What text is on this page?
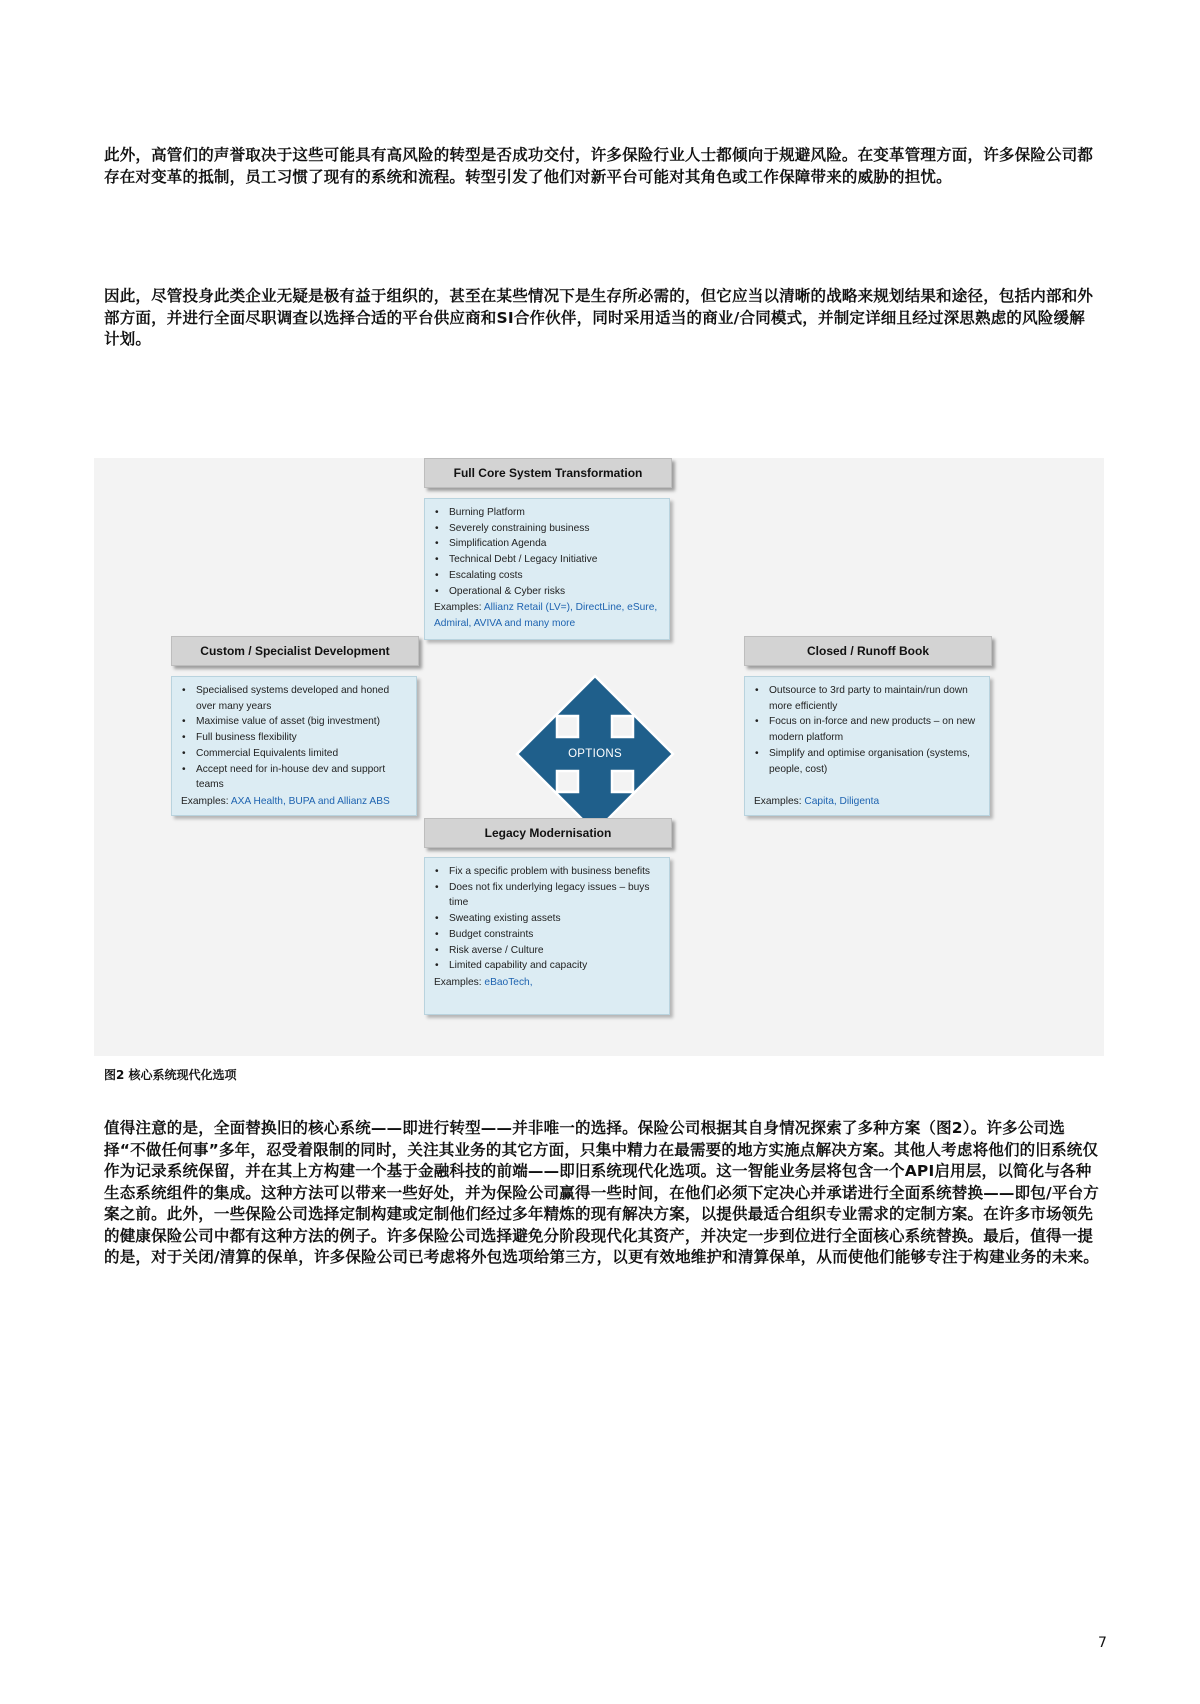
此外，高管们的声誉取决于这些可能具有高风险的转型是否成功交付，许多保险行业人士都倾向于规避风险。在变革管理方面，许多保险公司都存在对变革的抵制，员工习惯了现有的系统和流程。转型引发了他们对新平台可能对其角色或工作保障带来的威胁的担忧。

因此，尽管投身此类企业无疑是极有益于组织的，甚至在某些情况下是生存所必需的，但它应当以清晰的战略来规划结果和途径，包括内部和外部方面，并进行全面尽职调查以选择合适的平台供应商和SI合作伙伴，同时采用适当的商业/合同模式，并制定详细且经过深思熟虑的风险缓解计划。

Full Core System Transformation
• Burning Platform
• Severely constraining business
• Simplification Agenda
• Technical Debt / Legacy Initiative
• Escalating costs
• Operational & Cyber risks
Examples: Allianz Retail (LV=), DirectLine, eSure, Admiral, AVIVA and many more
Custom / Specialist Development
• Specialised systems developed and honed over many years
• Maximise value of asset (big investment)
• Full business flexibility
• Commercial Equivalents limited
• Accept need for in-house dev and support teams
Examples: AXA Health, BUPA and Allianz ABS
Closed / Runoff Book
• Outsource to 3rd party to maintain/run down more efficiently
• Focus on in-force and new products – on new modern platform
• Simplify and optimise organisation (systems, people, cost)
Examples: Capita, Diligenta
OPTIONS
Legacy Modernisation
• Fix a specific problem with business benefits
• Does not fix underlying legacy issues – buys time
• Sweating existing assets
• Budget constraints
• Risk averse / Culture
• Limited capability and capacity
Examples: eBaoTech,
图2 核心系统现代化选项

值得注意的是，全面替换旧的核心系统——即进行转型——并非唯一的选择。保险公司根据其自身情况探索了多种方案（图2）。许多公司选择“不做任何事”多年，忍受着限制的同时，关注其业务的其它方面，只集中精力在最需要的地方实施点解决方案。其他人考虑将他们的旧系统仅作为记录系统保留，并在其上方构建一个基于金融科技的前端——即旧系统现代化选项。这一智能业务层将包含一个API启用层，以简化与各种生态系统组件的集成。这种方法可以带来一些好处，并为保险公司赢得一些时间，在他们必须下定决心并承诺进行全面系统替换——即包/平台方案之前。此外，一些保险公司选择定制构建或定制他们经过多年精炼的现有解决方案，以提供最适合组织专业需求的定制方案。在许多市场领先的健康保险公司中都有这种方法的例子。许多保险公司选择避免分阶段现代化其资产，并决定一步到位进行全面核心系统替换。最后，值得一提的是，对于关闭/清算的保单，许多保险公司已考虑将外包选项给第三方，以更有效地维护和清算保单，从而使他们能够专注于构建业务的未来。

7
